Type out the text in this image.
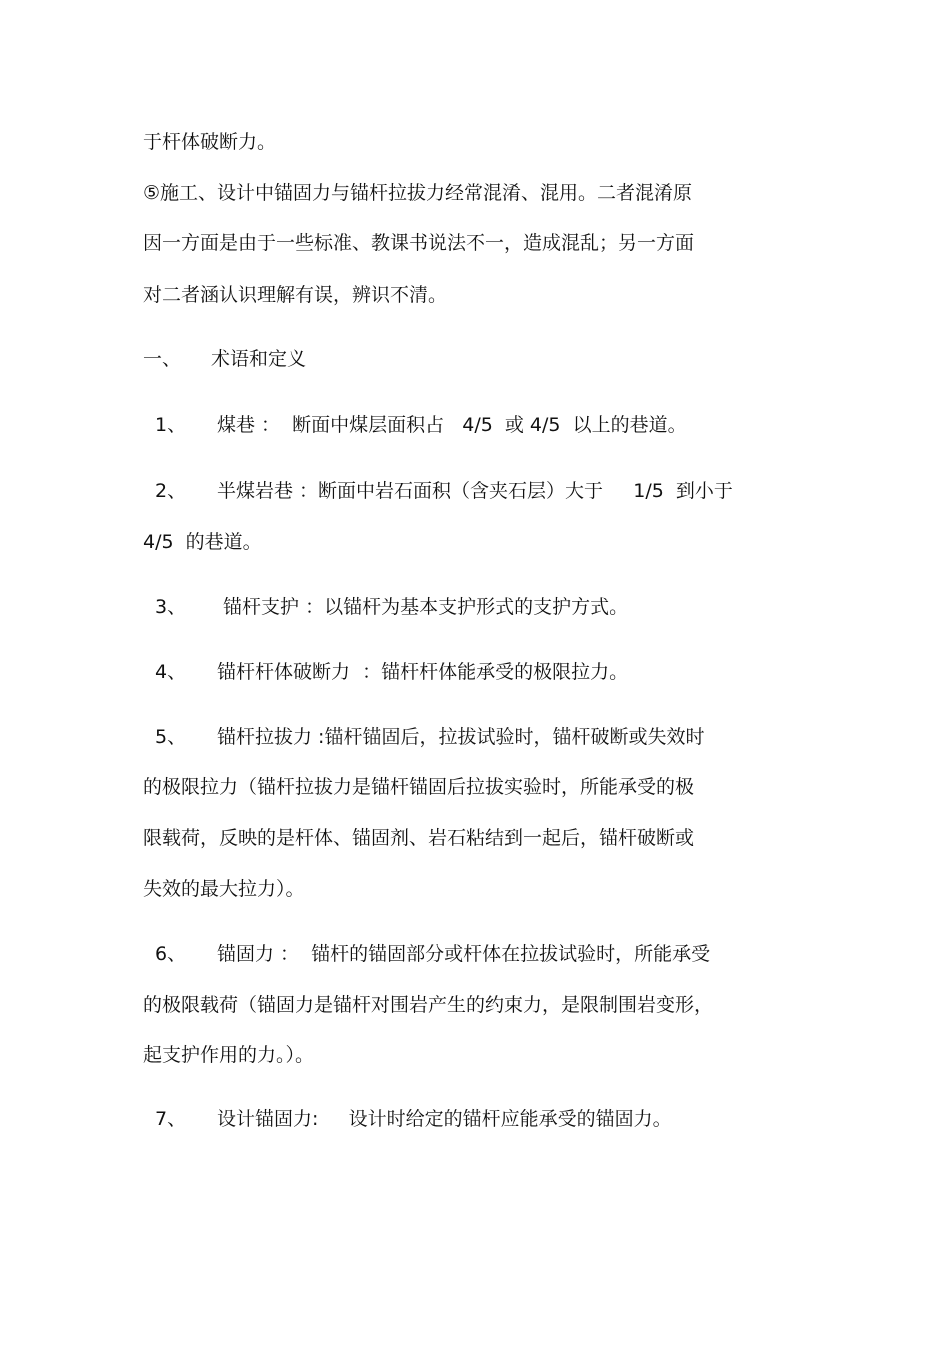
于杆体破断力。
⑤施工、设计中锚固力与锚杆拉拔力经常混淆、混用。二者混淆原
因一方面是由于一些标准、教课书说法不一，造成混乱；另一方面
对二者涵认识理解有误，辨识不清。
一、 术语和定义
1、 煤巷 ：  断面中煤层面积占   4/5  或 4/5  以上的巷道。
2、 半煤岩巷 ：断面中岩石面积（含夹石层）大于     1/5  到小于
4/5  的巷道。
3、 锚杆支护 ：以锚杆为基本支护形式的支护方式。
4、 锚杆杆体破断力  ：锚杆杆体能承受的极限拉力。
5、 锚杆拉拔力 :锚杆锚固后，拉拔试验时，锚杆破断或失效时
的极限拉力（锚杆拉拔力是锚杆锚固后拉拔实验时，所能承受的极
限载荷，反映的是杆体、锚固剂、岩石粘结到一起后，锚杆破断或
失效的最大拉力）。
6、 锚固力 ：  锚杆的锚固部分或杆体在拉拔试验时，所能承受
的极限载荷（锚固力是锚杆对围岩产生的约束力，是限制围岩变形，
起支护作用的力。）。
7、 设计锚固力:     设计时给定的锚杆应能承受的锚固力。
